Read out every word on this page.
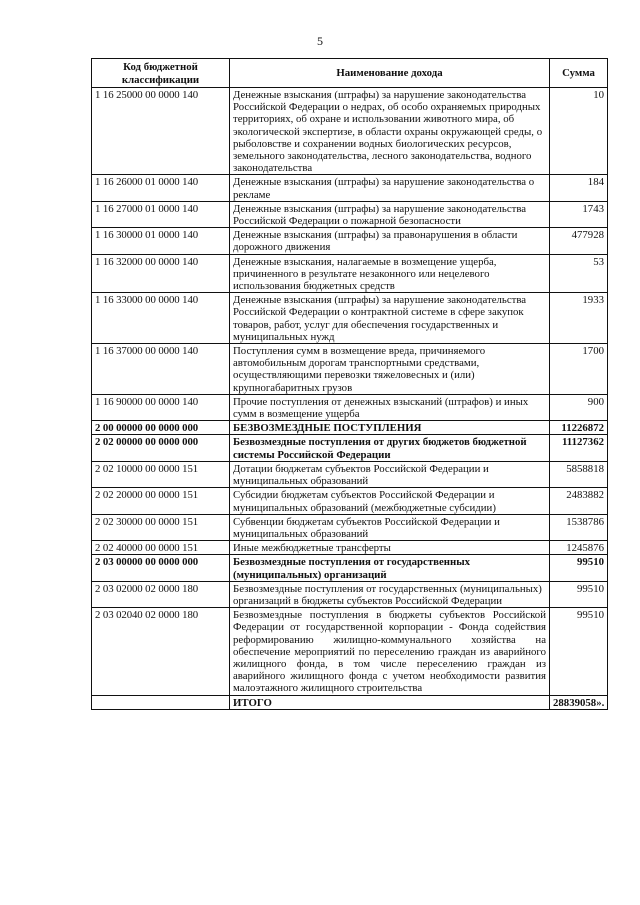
5
Код бюджетной классификации	Наименование дохода	Сумма
1 16 25000 00 0000 140	Денежные взыскания (штрафы) за нарушение законодательства Российской Федерации о недрах, об особо охраняемых природных территориях, об охране и использовании животного мира, об экологической экспертизе, в области охраны окружающей среды, о рыболовстве и сохранении водных биологических ресурсов, земельного законодательства, лесного законодательства, водного законодательства	10
1 16 26000 01 0000 140	Денежные взыскания (штрафы) за нарушение законодательства о рекламе	184
1 16 27000 01 0000 140	Денежные взыскания (штрафы) за нарушение законодательства Российской Федерации о пожарной безопасности	1743
1 16 30000 01 0000 140	Денежные взыскания (штрафы) за правонарушения в области дорожного движения	477928
1 16 32000 00 0000 140	Денежные взыскания, налагаемые в возмещение ущерба, причиненного в результате незаконного или нецелевого использования бюджетных средств	53
1 16 33000 00 0000 140	Денежные взыскания (штрафы) за нарушение законодательства Российской Федерации о контрактной системе в сфере закупок товаров, работ, услуг для обеспечения государственных и муниципальных нужд	1933
1 16 37000 00 0000 140	Поступления сумм в возмещение вреда, причиняемого автомобильным дорогам транспортными средствами, осуществляющими перевозки тяжеловесных и (или) крупногабаритных грузов	1700
1 16 90000 00 0000 140	Прочие поступления от денежных взысканий (штрафов) и иных сумм в возмещение ущерба	900
2 00 00000 00 0000 000	БЕЗВОЗМЕЗДНЫЕ ПОСТУПЛЕНИЯ	11226872
2 02 00000 00 0000 000	Безвозмездные поступления от других бюджетов бюджетной системы Российской Федерации	11127362
2 02 10000 00 0000 151	Дотации бюджетам субъектов Российской Федерации и муниципальных образований	5858818
2 02 20000 00 0000 151	Субсидии бюджетам субъектов Российской Федерации и муниципальных образований (межбюджетные субсидии)	2483882
2 02 30000 00 0000 151	Субвенции бюджетам субъектов Российской Федерации и муниципальных образований	1538786
2 02 40000 00 0000 151	Иные межбюджетные трансферты	1245876
2 03 00000 00 0000 000	Безвозмездные поступления от государственных (муниципальных) организаций	99510
2 03 02000 02 0000 180	Безвозмездные поступления от государственных (муниципальных) организаций в бюджеты субъектов Российской Федерации	99510
2 03 02040 02 0000 180	Безвозмездные поступления в бюджеты субъектов Российской Федерации от государственной корпорации - Фонда содействия реформированию жилищно-коммунального хозяйства на обеспечение мероприятий по переселению граждан из аварийного жилищного фонда, в том числе переселению граждан из аварийного жилищного фонда с учетом необходимости развития малоэтажного жилищного строительства	99510
	ИТОГО	28839058».
